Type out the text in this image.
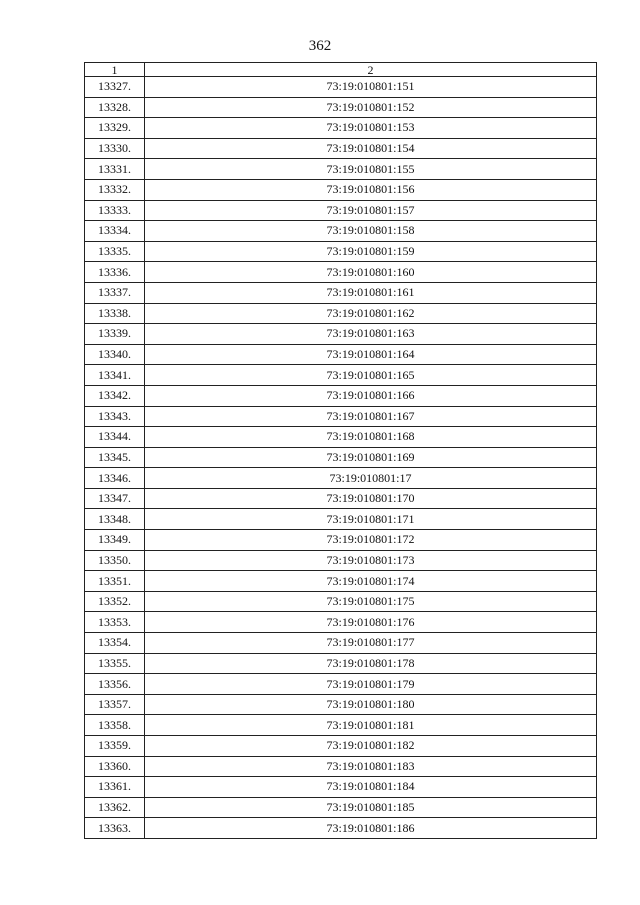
362
1	2
13327.	73:19:010801:151
13328.	73:19:010801:152
13329.	73:19:010801:153
13330.	73:19:010801:154
13331.	73:19:010801:155
13332.	73:19:010801:156
13333.	73:19:010801:157
13334.	73:19:010801:158
13335.	73:19:010801:159
13336.	73:19:010801:160
13337.	73:19:010801:161
13338.	73:19:010801:162
13339.	73:19:010801:163
13340.	73:19:010801:164
13341.	73:19:010801:165
13342.	73:19:010801:166
13343.	73:19:010801:167
13344.	73:19:010801:168
13345.	73:19:010801:169
13346.	73:19:010801:17
13347.	73:19:010801:170
13348.	73:19:010801:171
13349.	73:19:010801:172
13350.	73:19:010801:173
13351.	73:19:010801:174
13352.	73:19:010801:175
13353.	73:19:010801:176
13354.	73:19:010801:177
13355.	73:19:010801:178
13356.	73:19:010801:179
13357.	73:19:010801:180
13358.	73:19:010801:181
13359.	73:19:010801:182
13360.	73:19:010801:183
13361.	73:19:010801:184
13362.	73:19:010801:185
13363.	73:19:010801:186
